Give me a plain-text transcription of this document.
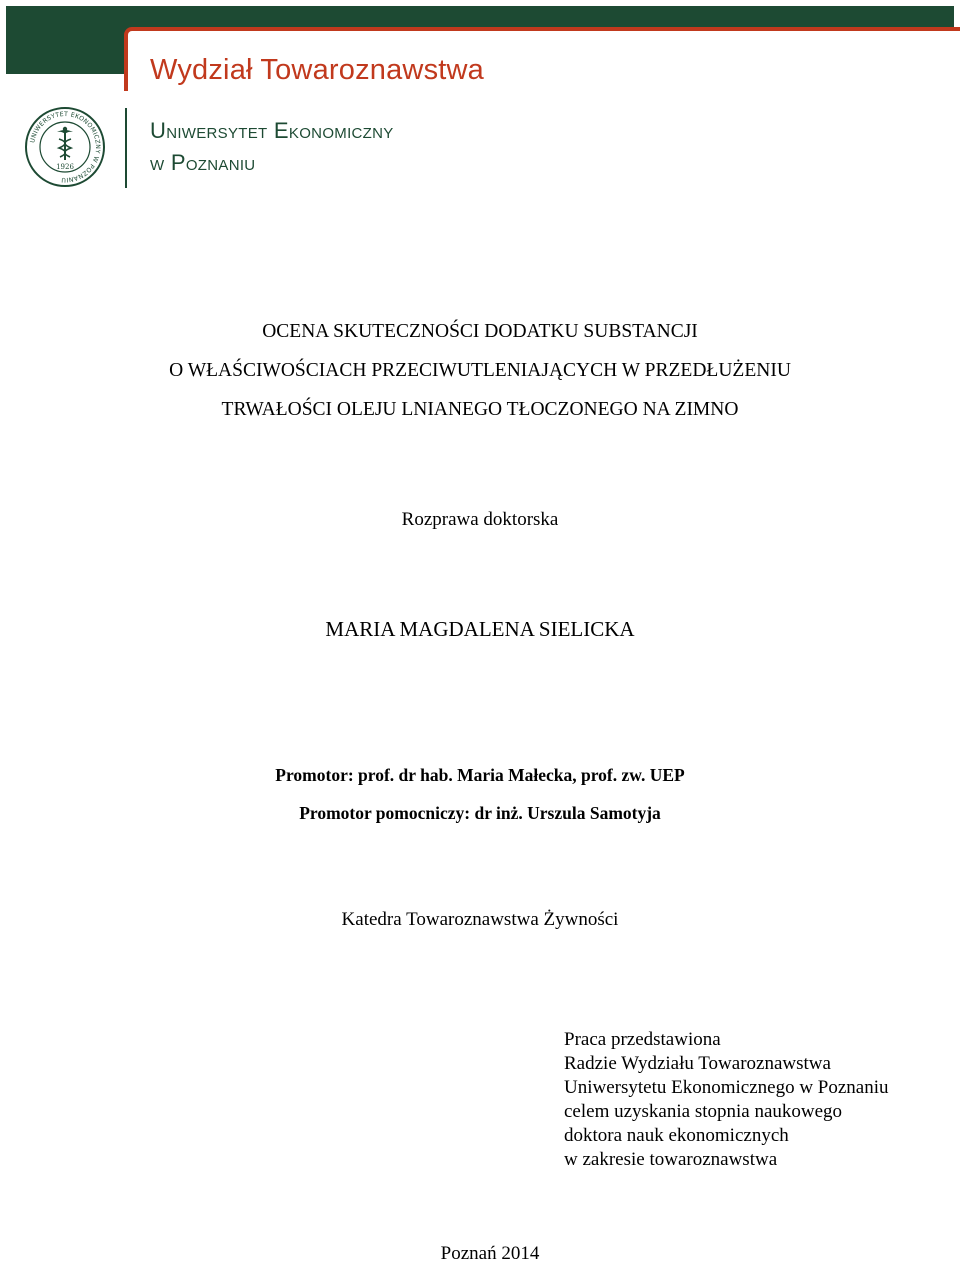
Wydział Towaroznawstwa
UNIWERSYTET EKONOMICZNY W POZNANIU
1926
Uniwersytet Ekonomiczny
w Poznaniu
OCENA SKUTECZNOŚCI DODATKU SUBSTANCJI
O WŁAŚCIWOŚCIACH PRZECIWUTLENIAJĄCYCH W PRZEDŁUŻENIU
TRWAŁOŚCI OLEJU LNIANEGO TŁOCZONEGO NA ZIMNO
Rozprawa doktorska
MARIA MAGDALENA SIELICKA
Promotor: prof. dr hab. Maria Małecka, prof. zw. UEP
Promotor pomocniczy: dr inż. Urszula Samotyja
Katedra Towaroznawstwa Żywności
Praca przedstawiona
Radzie Wydziału Towaroznawstwa
Uniwersytetu Ekonomicznego w Poznaniu
celem uzyskania stopnia naukowego
doktora nauk ekonomicznych
w zakresie towaroznawstwa
Poznań 2014
